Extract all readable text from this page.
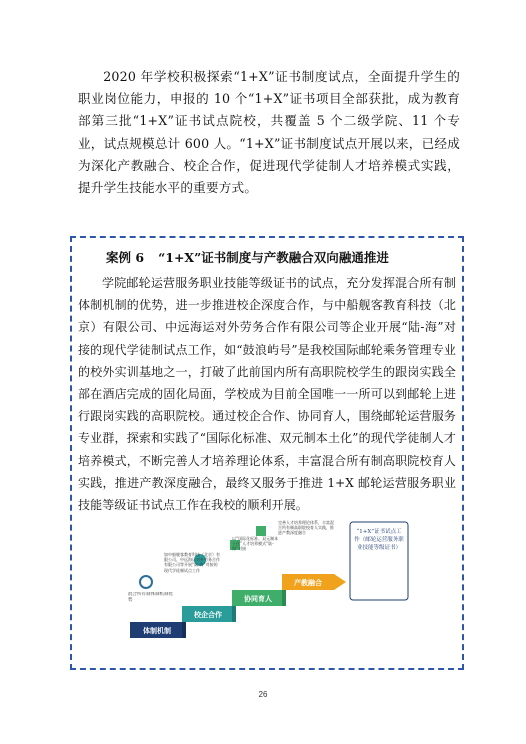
2020 年学校积极探索“1+X”证书制度试点，全面提升学生的职业岗位能力，申报的 10 个“1+X”证书项目全部获批，成为教育部第三批“1+X”证书试点院校，共覆盖 5 个二级学院、11 个专业，试点规模总计 600 人。“1+X”证书制度试点开展以来，已经成为深化产教融合、校企合作，促进现代学徒制人才培养模式实践，提升学生技能水平的重要方式。

案例 6 “1+X”证书制度与产教融合双向融通推进

学院邮轮运营服务职业技能等级证书的试点，充分发挥混合所有制体制机制的优势，进一步推进校企深度合作，与中船舰客教育科技（北京）有限公司、中远海运对外劳务合作有限公司等企业开展“陆-海”对接的现代学徒制试点工作，如“鼓浪屿号”是我校国际邮轮乘务管理专业的校外实训基地之一，打破了此前国内所有高职院校学生的跟岗实践全部在酒店完成的固化局面，学校成为目前全国唯一一所可以到邮轮上进行跟岗实践的高职院校。通过校企合作、协同育人，围绕邮轮运营服务专业群，探索和实践了“国际化标准、双元制本土化”的现代学徒制人才培养模式，不断完善人才培养理论体系，丰富混合所有制高职院校育人实践，推进产教深度融合，最终又服务于推进 1+X 邮轮运营服务职业技能等级证书试点工作在我校的顺利开展。

体制机制
校企合作
协同育人
产教融合
混合所有制体制机制优势
如中船舰客教育科技（北京）有限公司、中远海运对外劳务合作有限公司等开展“陆-海”对接的现代学徒制试点工作
以“国际化标准、双元制本土化”人才培养模式“陆-海”对接
完善人才培养理论体系，丰富混合所有制高职院校育人实践，推进产教深度融合	“1+X”证书试点工作（邮轮运营服务职业技能等级证书）
26
